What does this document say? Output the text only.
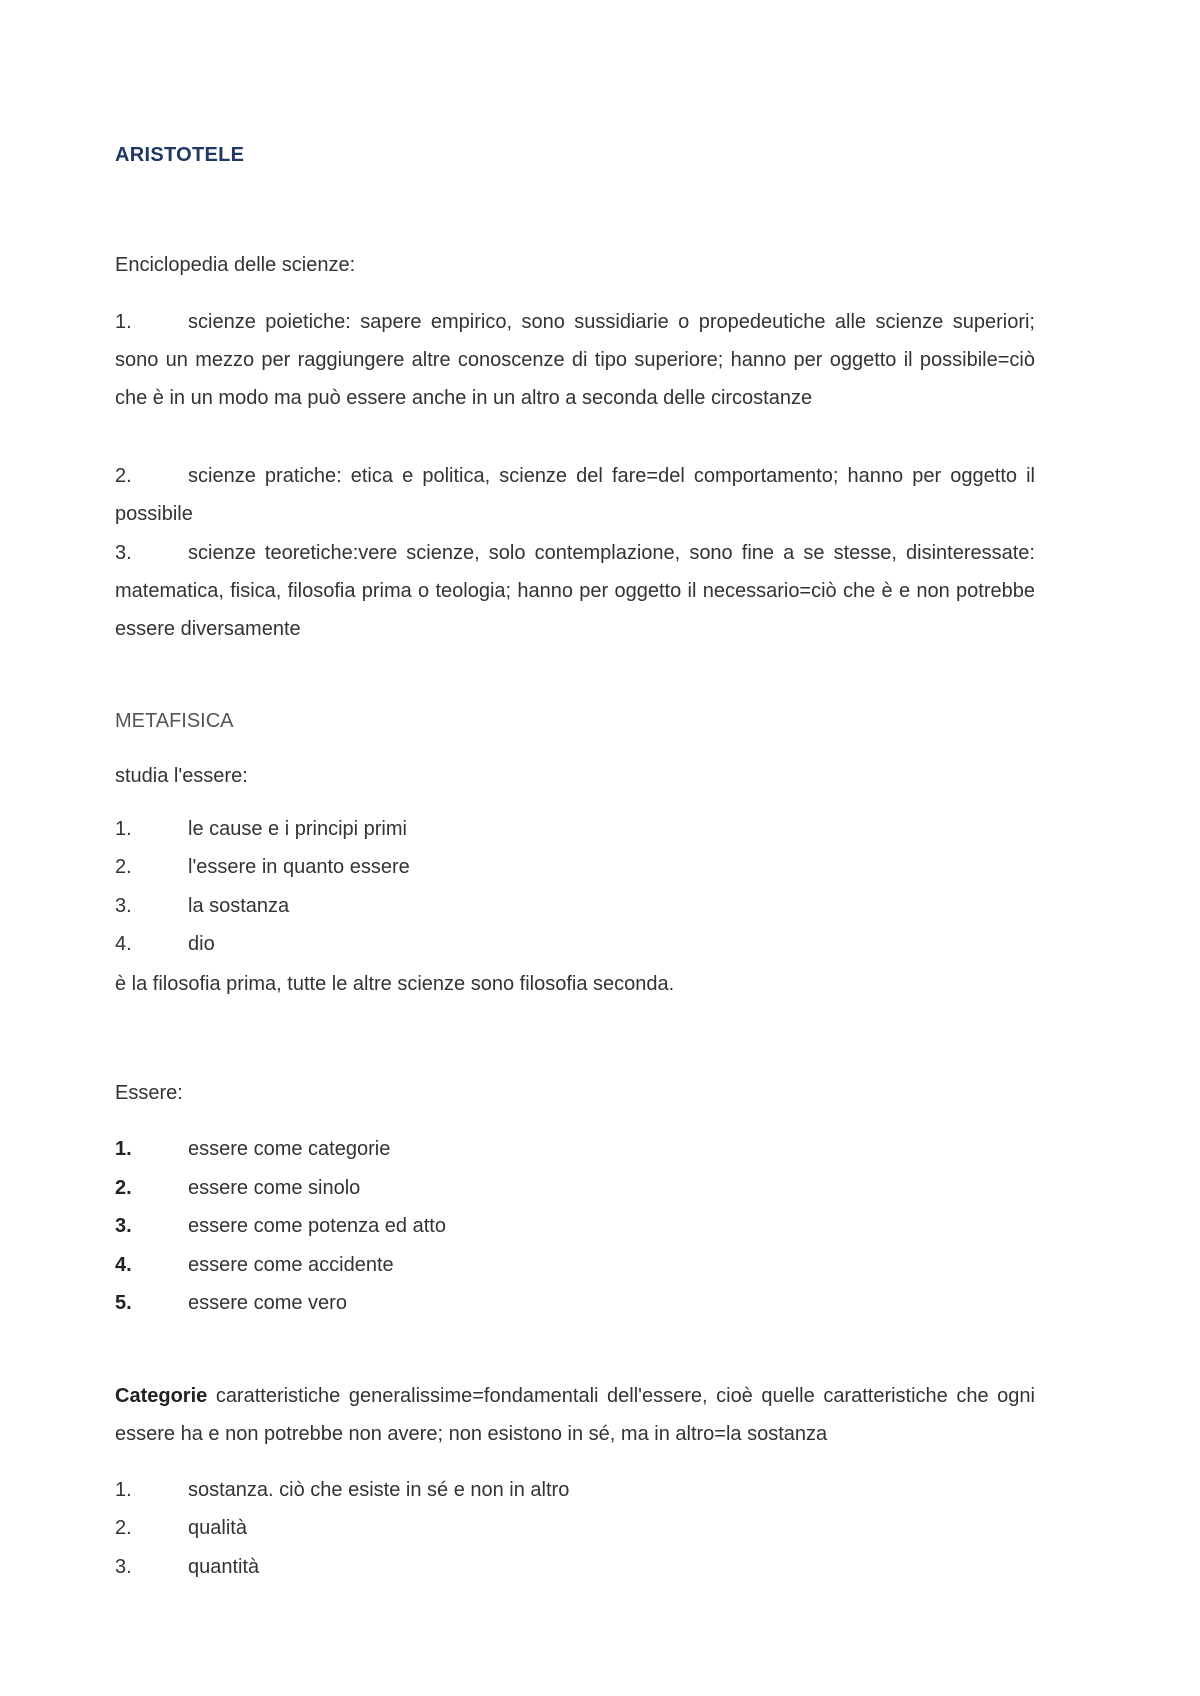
ARISTOTELE
Enciclopedia delle scienze:
1.	scienze poietiche: sapere empirico, sono sussidiarie o propedeutiche alle scienze superiori; sono un mezzo per raggiungere altre conoscenze di tipo superiore; hanno per oggetto il possibile=ciò che è in un modo ma può essere anche in un altro a seconda delle circostanze
2.	scienze pratiche: etica e politica, scienze del fare=del comportamento; hanno per oggetto il possibile
3.	scienze teoretiche:vere scienze, solo contemplazione, sono fine a se stesse, disinteressate: matematica, fisica, filosofia prima o teologia; hanno per oggetto il necessario=ciò che è e non potrebbe essere diversamente
METAFISICA
studia l'essere:
1.	le cause e i principi primi
2.	l'essere in quanto essere
3.	la sostanza
4.	dio
è la filosofia prima, tutte le altre scienze sono filosofia seconda.
Essere:
1.	essere come categorie
2.	essere come sinolo
3.	essere come potenza ed atto
4.	essere come accidente
5.	essere come vero
Categorie caratteristiche generalissime=fondamentali dell'essere, cioè quelle caratteristiche che ogni essere ha e non potrebbe non avere; non esistono in sé, ma in altro=la sostanza
1.	sostanza. ciò che esiste in sé e non in altro
2.	qualità
3.	quantità
